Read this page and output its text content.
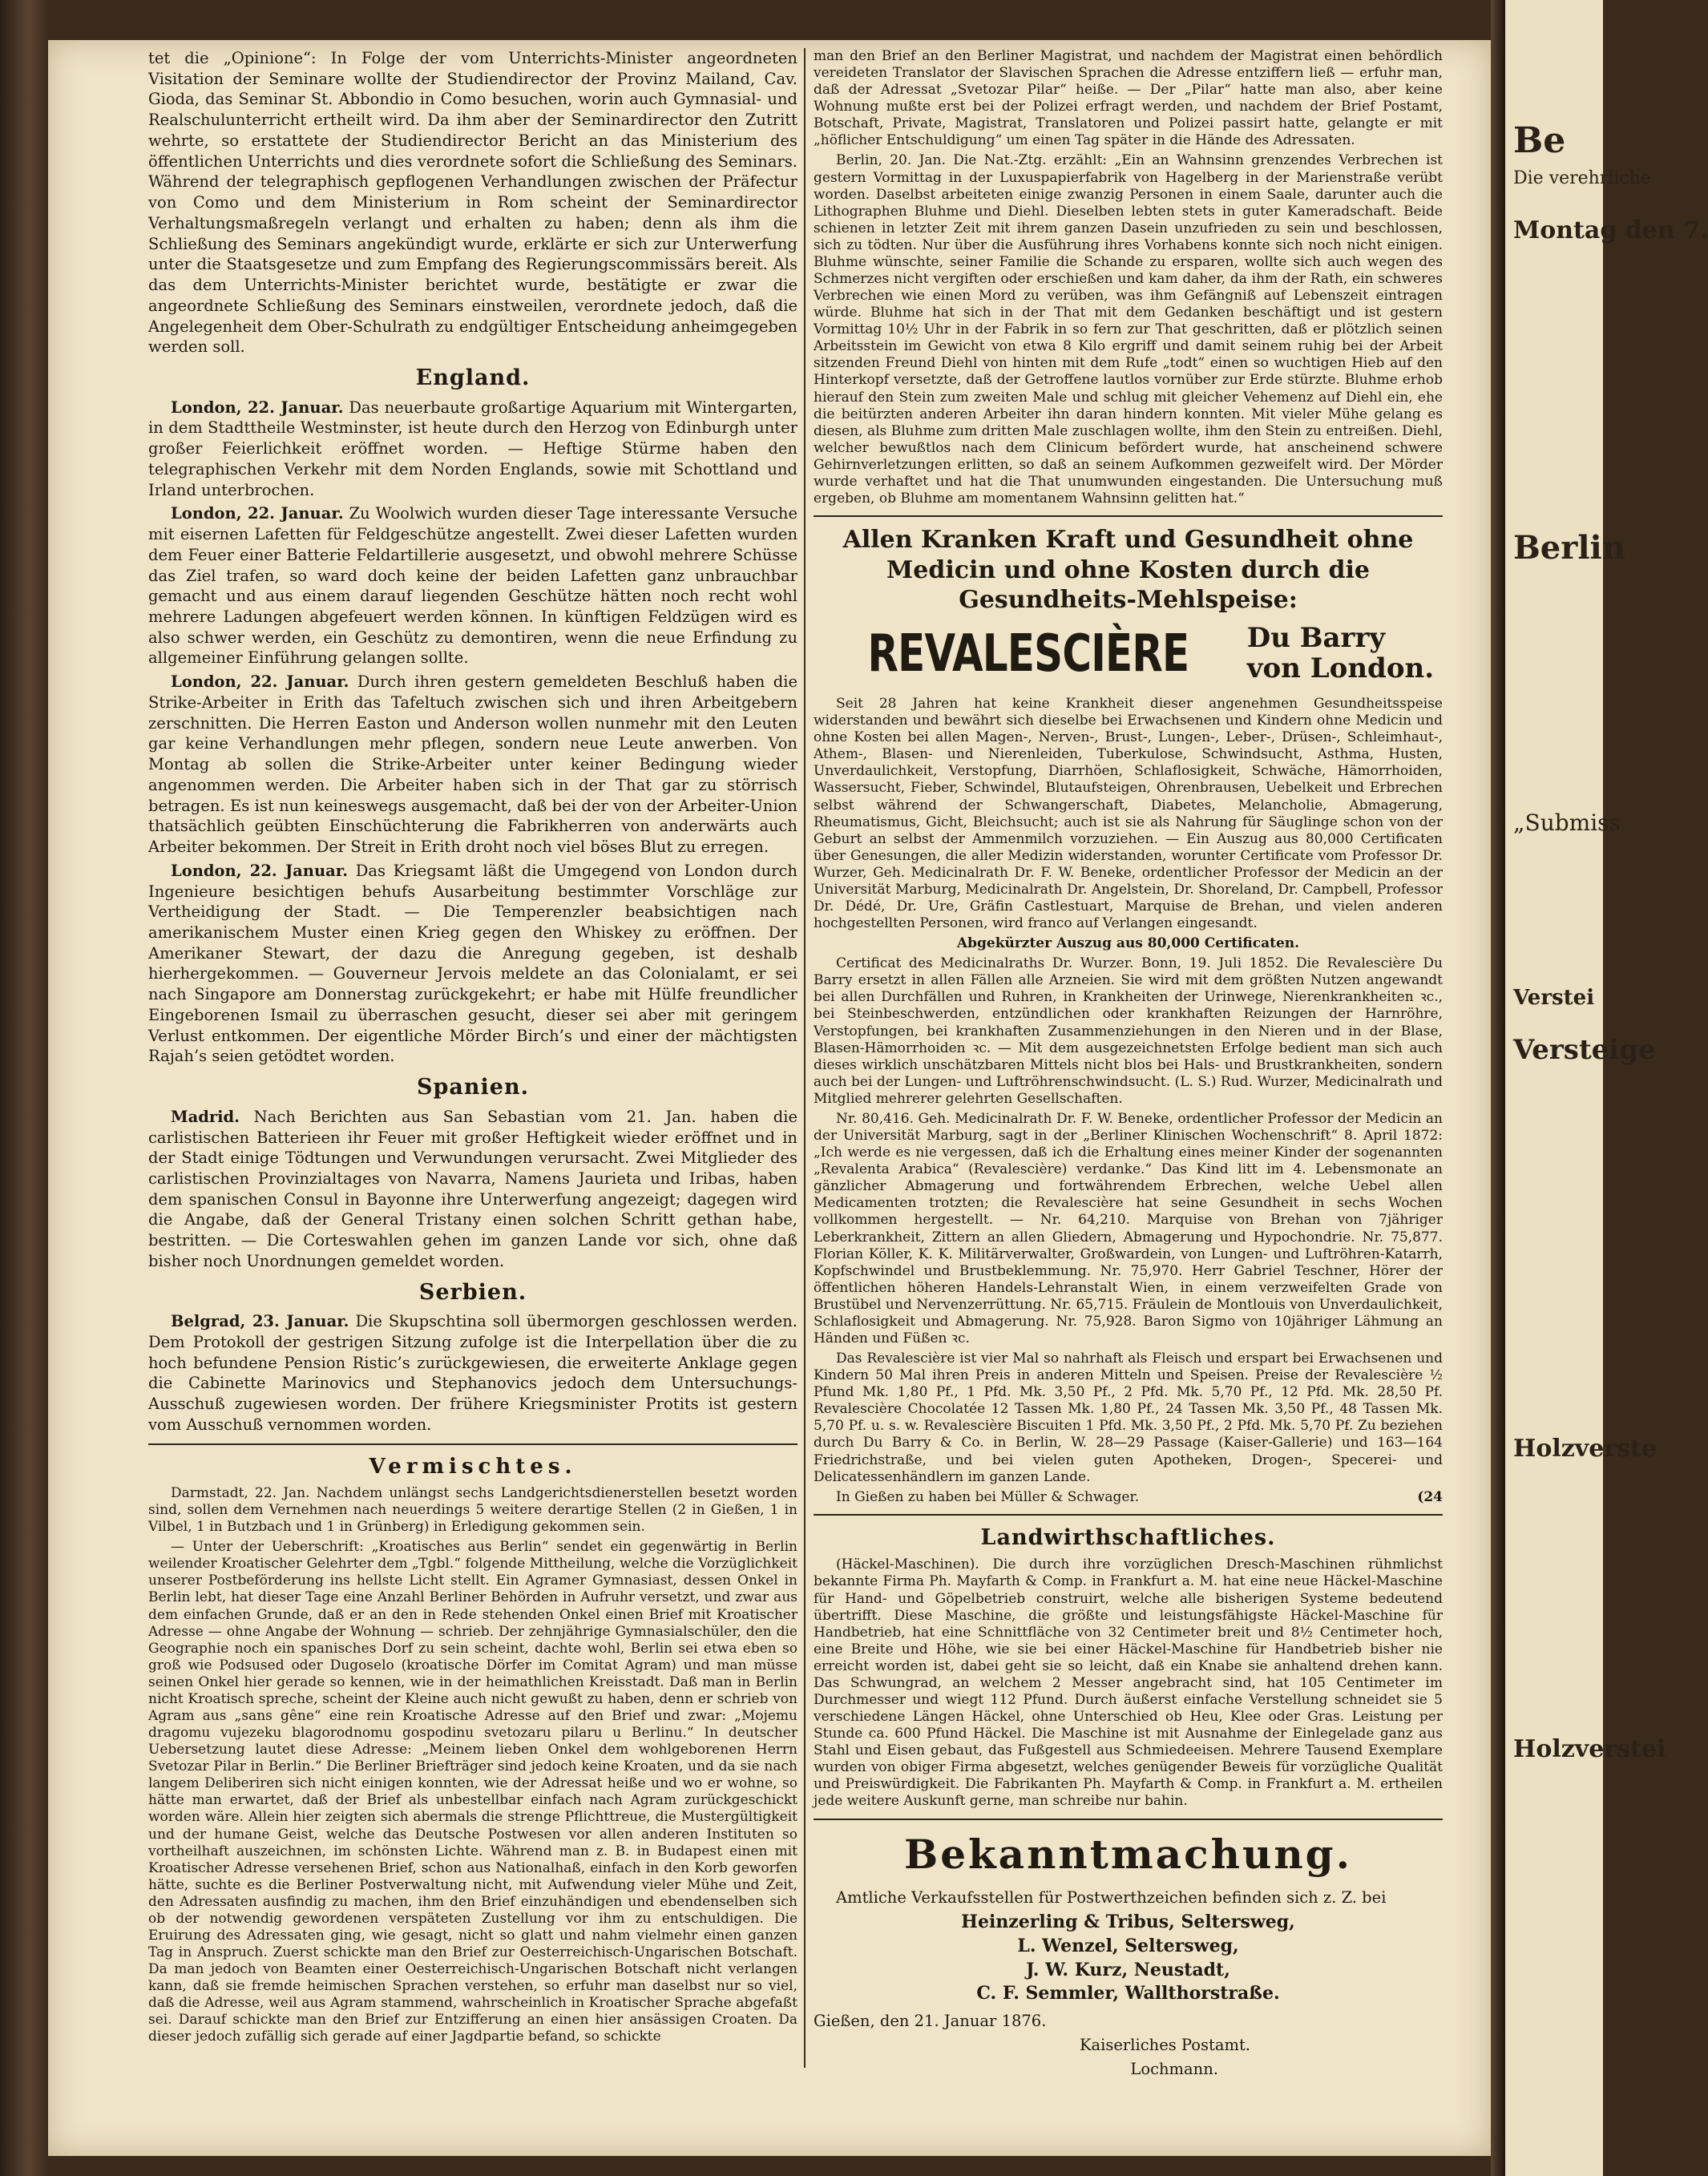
Be
Die verehrliche
Montag den 7.
Berlin
„Submiss
Verstei
Versteige
Holzverste
Holzverstei

tet die „Opinione“: In Folge der vom Unterrichts-Minister angeordneten Visitation der Seminare wollte der Studiendirector der Provinz Mailand, Cav. Gioda, das Seminar St. Abbondio in Como besuchen, worin auch Gymnasial- und Realschulunterricht ertheilt wird. Da ihm aber der Seminardirector den Zutritt wehrte, so erstattete der Studiendirector Bericht an das Ministerium des öffentlichen Unterrichts und dies verordnete sofort die Schließung des Seminars. Während der telegraphisch gepflogenen Verhandlungen zwischen der Präfectur von Como und dem Ministerium in Rom scheint der Seminardirector Verhaltungsmaßregeln verlangt und erhalten zu haben; denn als ihm die Schließung des Seminars angekündigt wurde, erklärte er sich zur Unterwerfung unter die Staatsgesetze und zum Empfang des Regierungscommissärs bereit. Als das dem Unterrichts-Minister berichtet wurde, bestätigte er zwar die angeordnete Schließung des Seminars einstweilen, verordnete jedoch, daß die Angelegenheit dem Ober-Schulrath zu endgültiger Entscheidung anheimgegeben werden soll.

England.

London, 22. Januar. Das neuerbaute großartige Aquarium mit Wintergarten, in dem Stadttheile Westminster, ist heute durch den Herzog von Edinburgh unter großer Feierlichkeit eröffnet worden. — Heftige Stürme haben den telegraphischen Verkehr mit dem Norden Englands, sowie mit Schottland und Irland unterbrochen.

London, 22. Januar. Zu Woolwich wurden dieser Tage interessante Versuche mit eisernen Lafetten für Feldgeschütze angestellt. Zwei dieser Lafetten wurden dem Feuer einer Batterie Feldartillerie ausgesetzt, und obwohl mehrere Schüsse das Ziel trafen, so ward doch keine der beiden Lafetten ganz unbrauchbar gemacht und aus einem darauf liegenden Geschütze hätten noch recht wohl mehrere Ladungen abgefeuert werden können. In künftigen Feldzügen wird es also schwer werden, ein Geschütz zu demontiren, wenn die neue Erfindung zu allgemeiner Einführung gelangen sollte.

London, 22. Januar. Durch ihren gestern gemeldeten Beschluß haben die Strike-Arbeiter in Erith das Tafeltuch zwischen sich und ihren Arbeitgebern zerschnitten. Die Herren Easton und Anderson wollen nunmehr mit den Leuten gar keine Verhandlungen mehr pflegen, sondern neue Leute anwerben. Von Montag ab sollen die Strike-Arbeiter unter keiner Bedingung wieder angenommen werden. Die Arbeiter haben sich in der That gar zu störrisch betragen. Es ist nun keineswegs ausgemacht, daß bei der von der Arbeiter-Union thatsächlich geübten Einschüchterung die Fabrikherren von anderwärts auch Arbeiter bekommen. Der Streit in Erith droht noch viel böses Blut zu erregen.

London, 22. Januar. Das Kriegsamt läßt die Umgegend von London durch Ingenieure besichtigen behufs Ausarbeitung bestimmter Vorschläge zur Vertheidigung der Stadt. — Die Temperenzler beabsichtigen nach amerikanischem Muster einen Krieg gegen den Whiskey zu eröffnen. Der Amerikaner Stewart, der dazu die Anregung gegeben, ist deshalb hierhergekommen. — Gouverneur Jervois meldete an das Colonialamt, er sei nach Singapore am Donnerstag zurückgekehrt; er habe mit Hülfe freundlicher Eingeborenen Ismail zu überraschen gesucht, dieser sei aber mit geringem Verlust entkommen. Der eigentliche Mörder Birch’s und einer der mächtigsten Rajah’s seien getödtet worden.

Spanien.

Madrid. Nach Berichten aus San Sebastian vom 21. Jan. haben die carlistischen Batterieen ihr Feuer mit großer Heftigkeit wieder eröffnet und in der Stadt einige Tödtungen und Verwundungen verursacht. Zwei Mitglieder des carlistischen Provinzialtages von Navarra, Namens Jaurieta und Iribas, haben dem spanischen Consul in Bayonne ihre Unterwerfung angezeigt; dagegen wird die Angabe, daß der General Tristany einen solchen Schritt gethan habe, bestritten. — Die Corteswahlen gehen im ganzen Lande vor sich, ohne daß bisher noch Unordnungen gemeldet worden.

Serbien.

Belgrad, 23. Januar. Die Skupschtina soll übermorgen geschlossen werden. Dem Protokoll der gestrigen Sitzung zufolge ist die Interpellation über die zu hoch befundene Pension Ristic’s zurückgewiesen, die erweiterte Anklage gegen die Cabinette Marinovics und Stephanovics jedoch dem Untersuchungs-Ausschuß zugewiesen worden. Der frühere Kriegsminister Protits ist gestern vom Ausschuß vernommen worden.

Vermischtes.

Darmstadt, 22. Jan. Nachdem unlängst sechs Landgerichtsdienerstellen besetzt worden sind, sollen dem Vernehmen nach neuerdings 5 weitere derartige Stellen (2 in Gießen, 1 in Vilbel, 1 in Butzbach und 1 in Grünberg) in Erledigung gekommen sein.

— Unter der Ueberschrift: „Kroatisches aus Berlin“ sendet ein gegenwärtig in Berlin weilender Kroatischer Gelehrter dem „Tgbl.“ folgende Mittheilung, welche die Vorzüglichkeit unserer Postbeförderung ins hellste Licht stellt. Ein Agramer Gymnasiast, dessen Onkel in Berlin lebt, hat dieser Tage eine Anzahl Berliner Behörden in Aufruhr versetzt, und zwar aus dem einfachen Grunde, daß er an den in Rede stehenden Onkel einen Brief mit Kroatischer Adresse — ohne Angabe der Wohnung — schrieb. Der zehnjährige Gymnasialschüler, den die Geographie noch ein spanisches Dorf zu sein scheint, dachte wohl, Berlin sei etwa eben so groß wie Podsused oder Dugoselo (kroatische Dörfer im Comitat Agram) und man müsse seinen Onkel hier gerade so kennen, wie in der heimathlichen Kreisstadt. Daß man in Berlin nicht Kroatisch spreche, scheint der Kleine auch nicht gewußt zu haben, denn er schrieb von Agram aus „sans gêne“ eine rein Kroatische Adresse auf den Brief und zwar: „Mojemu dragomu vujezeku blagorodnomu gospodinu svetozaru pilaru u Berlinu.“ In deutscher Uebersetzung lautet diese Adresse: „Meinem lieben Onkel dem wohlgeborenen Herrn Svetozar Pilar in Berlin.“ Die Berliner Briefträger sind jedoch keine Kroaten, und da sie nach langem Deliberiren sich nicht einigen konnten, wie der Adressat heiße und wo er wohne, so hätte man erwartet, daß der Brief als unbestellbar einfach nach Agram zurückgeschickt worden wäre. Allein hier zeigten sich abermals die strenge Pflichttreue, die Mustergültigkeit und der humane Geist, welche das Deutsche Postwesen vor allen anderen Instituten so vortheilhaft auszeichnen, im schönsten Lichte. Während man z. B. in Budapest einen mit Kroatischer Adresse versehenen Brief, schon aus Nationalhaß, einfach in den Korb geworfen hätte, suchte es die Berliner Postverwaltung nicht, mit Aufwendung vieler Mühe und Zeit, den Adressaten ausfindig zu machen, ihm den Brief einzuhändigen und ebendenselben sich ob der notwendig gewordenen verspäteten Zustellung vor ihm zu entschuldigen. Die Eruirung des Adressaten ging, wie gesagt, nicht so glatt und nahm vielmehr einen ganzen Tag in Anspruch. Zuerst schickte man den Brief zur Oesterreichisch-Ungarischen Botschaft. Da man jedoch von Beamten einer Oesterreichisch-Ungarischen Botschaft nicht verlangen kann, daß sie fremde heimischen Sprachen verstehen, so erfuhr man daselbst nur so viel, daß die Adresse, weil aus Agram stammend, wahrscheinlich in Kroatischer Sprache abgefaßt sei. Darauf schickte man den Brief zur Entzifferung an einen hier ansässigen Croaten. Da dieser jedoch zufällig sich gerade auf einer Jagdpartie befand, so schickte

man den Brief an den Berliner Magistrat, und nachdem der Magistrat einen behördlich vereideten Translator der Slavischen Sprachen die Adresse entziffern ließ — erfuhr man, daß der Adressat „Svetozar Pilar“ heiße. — Der „Pilar“ hatte man also, aber keine Wohnung mußte erst bei der Polizei erfragt werden, und nachdem der Brief Postamt, Botschaft, Private, Magistrat, Translatoren und Polizei passirt hatte, gelangte er mit „höflicher Entschuldigung“ um einen Tag später in die Hände des Adressaten.

Berlin, 20. Jan. Die Nat.-Ztg. erzählt: „Ein an Wahnsinn grenzendes Verbrechen ist gestern Vormittag in der Luxuspapierfabrik von Hagelberg in der Marienstraße verübt worden. Daselbst arbeiteten einige zwanzig Personen in einem Saale, darunter auch die Lithographen Bluhme und Diehl. Dieselben lebten stets in guter Kameradschaft. Beide schienen in letzter Zeit mit ihrem ganzen Dasein unzufrieden zu sein und beschlossen, sich zu tödten. Nur über die Ausführung ihres Vorhabens konnte sich noch nicht einigen. Bluhme wünschte, seiner Familie die Schande zu ersparen, wollte sich auch wegen des Schmerzes nicht vergiften oder erschießen und kam daher, da ihm der Rath, ein schweres Verbrechen wie einen Mord zu verüben, was ihm Gefängniß auf Lebenszeit eintragen würde. Bluhme hat sich in der That mit dem Gedanken beschäftigt und ist gestern Vormittag 10½ Uhr in der Fabrik in so fern zur That geschritten, daß er plötzlich seinen Arbeitsstein im Gewicht von etwa 8 Kilo ergriff und damit seinem ruhig bei der Arbeit sitzenden Freund Diehl von hinten mit dem Rufe „todt“ einen so wuchtigen Hieb auf den Hinterkopf versetzte, daß der Getroffene lautlos vornüber zur Erde stürzte. Bluhme erhob hierauf den Stein zum zweiten Male und schlug mit gleicher Vehemenz auf Diehl ein, ehe die beitürzten anderen Arbeiter ihn daran hindern konnten. Mit vieler Mühe gelang es diesen, als Bluhme zum dritten Male zuschlagen wollte, ihm den Stein zu entreißen. Diehl, welcher bewußtlos nach dem Clinicum befördert wurde, hat anscheinend schwere Gehirnverletzungen erlitten, so daß an seinem Aufkommen gezweifelt wird. Der Mörder wurde verhaftet und hat die That unumwunden eingestanden. Die Untersuchung muß ergeben, ob Bluhme am momentanem Wahnsinn gelitten hat.“

Allen Kranken Kraft und Gesundheit ohne Medicin und ohne Kosten durch die Gesundheits-Mehlspeise:
REVALESCIÈRE Du Barry
von London.

Seit 28 Jahren hat keine Krankheit dieser angenehmen Gesundheitsspeise widerstanden und bewährt sich dieselbe bei Erwachsenen und Kindern ohne Medicin und ohne Kosten bei allen Magen-, Nerven-, Brust-, Lungen-, Leber-, Drüsen-, Schleimhaut-, Athem-, Blasen- und Nierenleiden, Tuberkulose, Schwindsucht, Asthma, Husten, Unverdaulichkeit, Verstopfung, Diarrhöen, Schlaflosigkeit, Schwäche, Hämorrhoiden, Wassersucht, Fieber, Schwindel, Blutaufsteigen, Ohrenbrausen, Uebelkeit und Erbrechen selbst während der Schwangerschaft, Diabetes, Melancholie, Abmagerung, Rheumatismus, Gicht, Bleichsucht; auch ist sie als Nahrung für Säuglinge schon von der Geburt an selbst der Ammenmilch vorzuziehen. — Ein Auszug aus 80,000 Certificaten über Genesungen, die aller Medizin widerstanden, worunter Certificate vom Professor Dr. Wurzer, Geh. Medicinalrath Dr. F. W. Beneke, ordentlicher Professor der Medicin an der Universität Marburg, Medicinalrath Dr. Angelstein, Dr. Shoreland, Dr. Campbell, Professor Dr. Dédé, Dr. Ure, Gräfin Castlestuart, Marquise de Brehan, und vielen anderen hochgestellten Personen, wird franco auf Verlangen eingesandt.

Abgekürzter Auszug aus 80,000 Certificaten.

Certificat des Medicinalraths Dr. Wurzer. Bonn, 19. Juli 1852. Die Revalescière Du Barry ersetzt in allen Fällen alle Arzneien. Sie wird mit dem größten Nutzen angewandt bei allen Durchfällen und Ruhren, in Krankheiten der Urinwege, Nierenkrankheiten ꝛc., bei Steinbeschwerden, entzündlichen oder krankhaften Reizungen der Harnröhre, Verstopfungen, bei krankhaften Zusammenziehungen in den Nieren und in der Blase, Blasen-Hämorrhoiden ꝛc. — Mit dem ausgezeichnetsten Erfolge bedient man sich auch dieses wirklich unschätzbaren Mittels nicht blos bei Hals- und Brustkrankheiten, sondern auch bei der Lungen- und Luftröhrenschwindsucht. (L. S.) Rud. Wurzer, Medicinalrath und Mitglied mehrerer gelehrten Gesellschaften.

Nr. 80,416. Geh. Medicinalrath Dr. F. W. Beneke, ordentlicher Professor der Medicin an der Universität Marburg, sagt in der „Berliner Klinischen Wochenschrift“ 8. April 1872: „Ich werde es nie vergessen, daß ich die Erhaltung eines meiner Kinder der sogenannten „Revalenta Arabica“ (Revalescière) verdanke.“ Das Kind litt im 4. Lebensmonate an gänzlicher Abmagerung und fortwährendem Erbrechen, welche Uebel allen Medicamenten trotzten; die Revalescière hat seine Gesundheit in sechs Wochen vollkommen hergestellt. — Nr. 64,210. Marquise von Brehan von 7jähriger Leberkrankheit, Zittern an allen Gliedern, Abmagerung und Hypochondrie. Nr. 75,877. Florian Köller, K. K. Militärverwalter, Großwardein, von Lungen- und Luftröhren-Katarrh, Kopfschwindel und Brustbeklemmung. Nr. 75,970. Herr Gabriel Teschner, Hörer der öffentlichen höheren Handels-Lehranstalt Wien, in einem verzweifelten Grade von Brustübel und Nervenzerrüttung. Nr. 65,715. Fräulein de Montlouis von Unverdaulichkeit, Schlaflosigkeit und Abmagerung. Nr. 75,928. Baron Sigmo von 10jähriger Lähmung an Händen und Füßen ꝛc.

Das Revalescière ist vier Mal so nahrhaft als Fleisch und erspart bei Erwachsenen und Kindern 50 Mal ihren Preis in anderen Mitteln und Speisen. Preise der Revalescière ½ Pfund Mk. 1,80 Pf., 1 Pfd. Mk. 3,50 Pf., 2 Pfd. Mk. 5,70 Pf., 12 Pfd. Mk. 28,50 Pf. Revalescière Chocolatée 12 Tassen Mk. 1,80 Pf., 24 Tassen Mk. 3,50 Pf., 48 Tassen Mk. 5,70 Pf. u. s. w. Revalescière Biscuiten 1 Pfd. Mk. 3,50 Pf., 2 Pfd. Mk. 5,70 Pf. Zu beziehen durch Du Barry & Co. in Berlin, W. 28—29 Passage (Kaiser-Gallerie) und 163—164 Friedrichstraße, und bei vielen guten Apotheken, Drogen-, Specerei- und Delicatessenhändlern im ganzen Lande.

In Gießen zu haben bei Müller & Schwager.	(24

Landwirthschaftliches.

(Häckel-Maschinen). Die durch ihre vorzüglichen Dresch-Maschinen rühmlichst bekannte Firma Ph. Mayfarth & Comp. in Frankfurt a. M. hat eine neue Häckel-Maschine für Hand- und Göpelbetrieb construirt, welche alle bisherigen Systeme bedeutend übertrifft. Diese Maschine, die größte und leistungsfähigste Häckel-Maschine für Handbetrieb, hat eine Schnittfläche von 32 Centimeter breit und 8½ Centimeter hoch, eine Breite und Höhe, wie sie bei einer Häckel-Maschine für Handbetrieb bisher nie erreicht worden ist, dabei geht sie so leicht, daß ein Knabe sie anhaltend drehen kann. Das Schwungrad, an welchem 2 Messer angebracht sind, hat 105 Centimeter im Durchmesser und wiegt 112 Pfund. Durch äußerst einfache Verstellung schneidet sie 5 verschiedene Längen Häckel, ohne Unterschied ob Heu, Klee oder Gras. Leistung per Stunde ca. 600 Pfund Häckel. Die Maschine ist mit Ausnahme der Einlegelade ganz aus Stahl und Eisen gebaut, das Fußgestell aus Schmiedeeisen. Mehrere Tausend Exemplare wurden von obiger Firma abgesetzt, welches genügender Beweis für vorzügliche Qualität und Preiswürdigkeit. Die Fabrikanten Ph. Mayfarth & Comp. in Frankfurt a. M. ertheilen jede weitere Auskunft gerne, man schreibe nur bahin.

Bekanntmachung.

Amtliche Verkaufsstellen für Postwerthzeichen befinden sich z. Z. bei

Heinzerling & Tribus, Seltersweg,
L. Wenzel, Seltersweg,
J. W. Kurz, Neustadt,
C. F. Semmler, Wallthorstraße.

Gießen, den 21. Januar 1876.

Kaiserliches Postamt.

Lochmann.
